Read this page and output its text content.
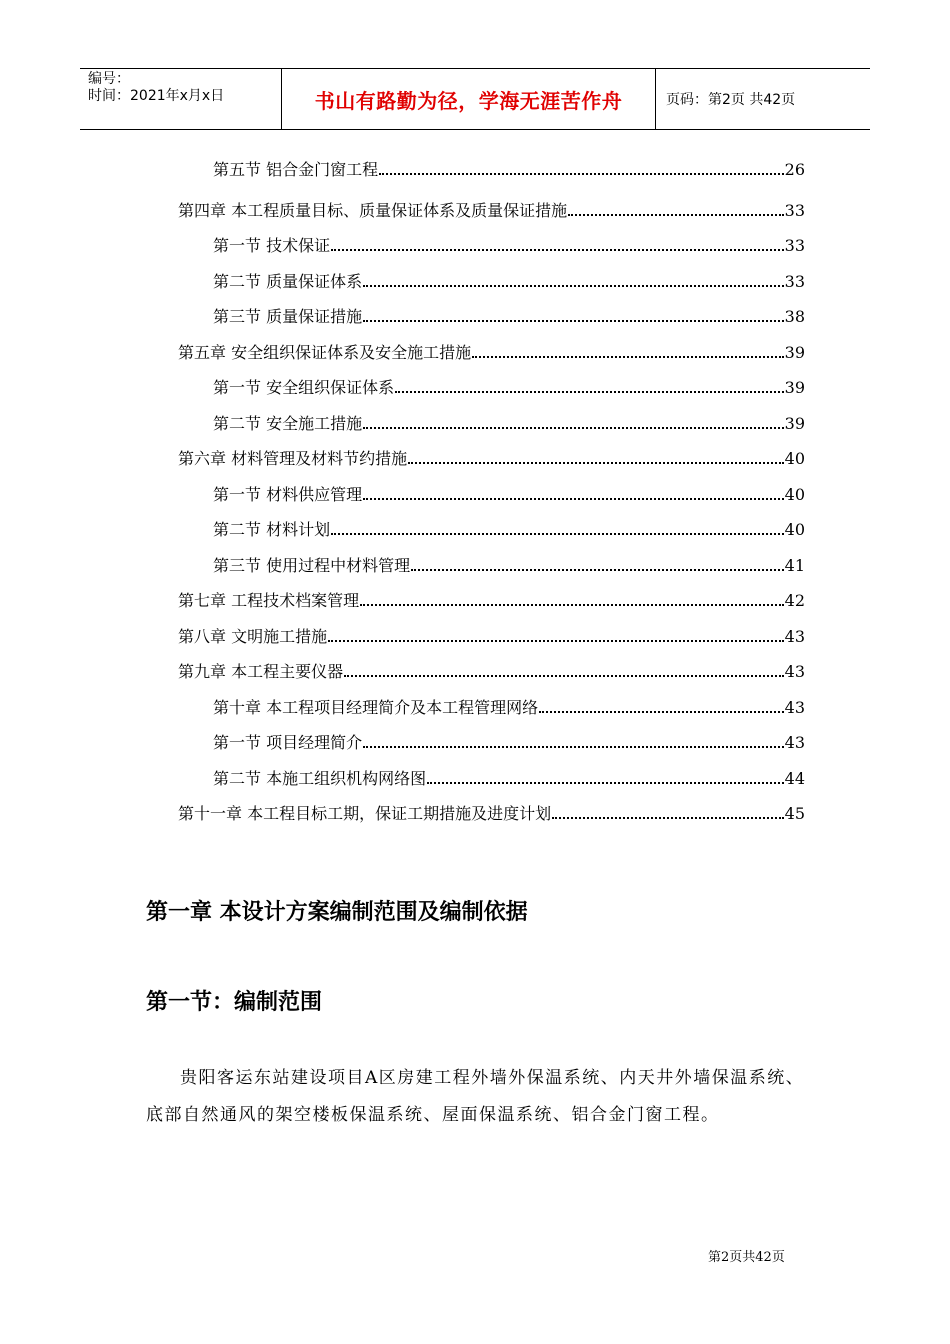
编号：
时间：2021年x月x日	书山有路勤为径，学海无涯苦作舟	页码：第2页 共42页
第五节 铝合金门窗工程	26
第四章 本工程质量目标、质量保证体系及质量保证措施	33
第一节 技术保证	33
第二节 质量保证体系	33
第三节 质量保证措施	38
第五章 安全组织保证体系及安全施工措施	39
第一节 安全组织保证体系	39
第二节 安全施工措施	39
第六章 材料管理及材料节约措施	40
第一节 材料供应管理	40
第二节 材料计划	40
第三节 使用过程中材料管理	41
第七章 工程技术档案管理	42
第八章 文明施工措施	43
第九章 本工程主要仪器	43
第十章 本工程项目经理简介及本工程管理网络	43
第一节 项目经理简介	43
第二节 本施工组织机构网络图	44
第十一章 本工程目标工期，保证工期措施及进度计划	45
第一章 本设计方案编制范围及编制依据
第一节：编制范围
贵阳客运东站建设项目A区房建工程外墙外保温系统、内天井外墙保温系统、底部自然通风的架空楼板保温系统、屋面保温系统、铝合金门窗工程。
第2页共42页
